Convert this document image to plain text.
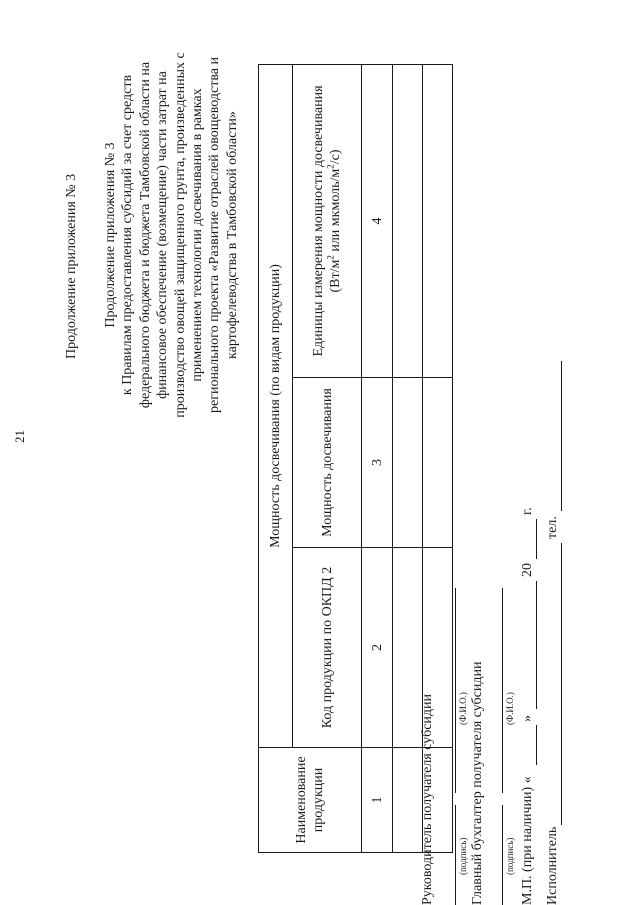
21
Продолжение приложения № 3 Продолжение приложения № 3 к Правилам предоставления субсидий за счет средств федерального бюджета и бюджета Тамбовской области на финансовое обеспечение (возмещение) части затрат на производство овощей защищенного грунта, произведенных с применением технологии досвечивания в рамках регионального проекта «Развитие отраслей овощеводства и картофелеводства в Тамбовской области»
Наименование продукции	Мощность досвечивания (по видам продукции)		
	Код продукции по ОКПД 2	Мощность досвечивания	Единицы измерения мощности досвечивания ($Вт/м^2$ или мкмоль/$м^2/с$)

1	2	3	4

Руководитель получателя субсидии	(подпись)
(Ф.И.О.) Главный бухгалтер получателя субсидии (подпись)
(Ф.И.О.)
М.П. (при наличии) «
»
20
г.
Исполнитель
тел.
